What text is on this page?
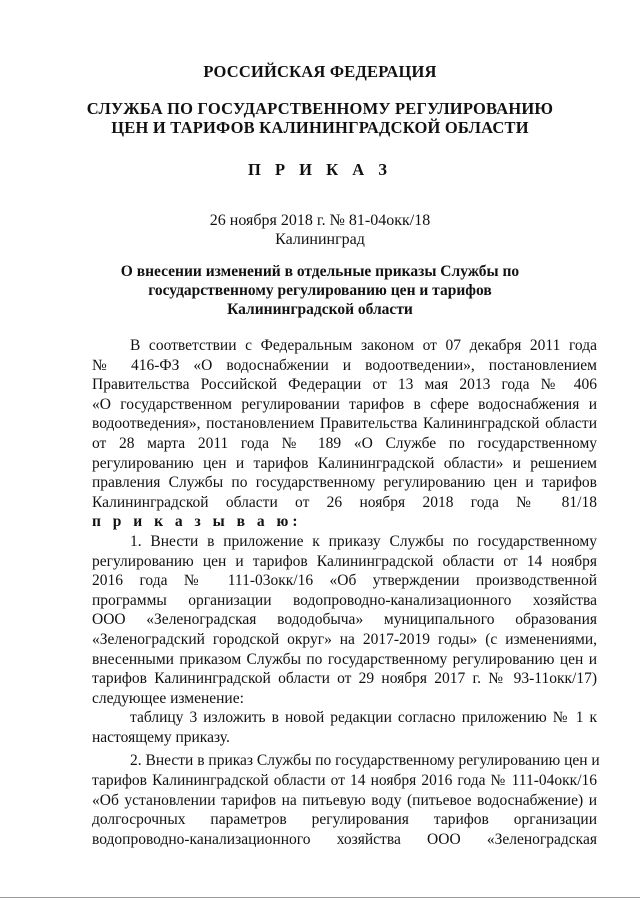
РОССИЙСКАЯ ФЕДЕРАЦИЯ
СЛУЖБА ПО ГОСУДАРСТВЕННОМУ РЕГУЛИРОВАНИЮ
ЦЕН И ТАРИФОВ КАЛИНИНГРАДСКОЙ ОБЛАСТИ
П Р И К А З
26 ноября 2018 г. № 81-04окк/18
Калининград
О внесении изменений в отдельные приказы Службы по
государственному регулированию цен и тарифов
Калининградской области
В соответствии с Федеральным законом от 07 декабря 2011 года
№ 416-ФЗ «О водоснабжении и водоотведении», постановлением
Правительства Российской Федерации от 13 мая 2013 года № 406
«О государственном регулировании тарифов в сфере водоснабжения и
водоотведения», постановлением Правительства Калининградской области
от 28 марта 2011 года № 189 «О Службе по государственному
регулированию цен и тарифов Калининградской области» и решением
правления Службы по государственному регулированию цен и тарифов
Калининградской области от 26 ноября 2018 года № 81/18
п р и к а з ы в а ю:
1. Внести в приложение к приказу Службы по государственному
регулированию цен и тарифов Калининградской области от 14 ноября
2016 года № 111-03окк/16 «Об утверждении производственной
программы организации водопроводно-канализационного хозяйства
ООО «Зеленоградская вододобыча» муниципального образования
«Зеленоградский городской округ» на 2017-2019 годы» (с изменениями,
внесенными приказом Службы по государственному регулированию цен и
тарифов Калининградской области от 29 ноября 2017 г. № 93-11окк/17)
следующее изменение:
таблицу 3 изложить в новой редакции согласно приложению № 1 к
настоящему приказу.
2. Внести в приказ Службы по государственному регулированию цен и
тарифов Калининградской области от 14 ноября 2016 года № 111-04окк/16
«Об установлении тарифов на питьевую воду (питьевое водоснабжение) и
долгосрочных параметров регулирования тарифов организации
водопроводно-канализационного хозяйства ООО «Зеленоградская
